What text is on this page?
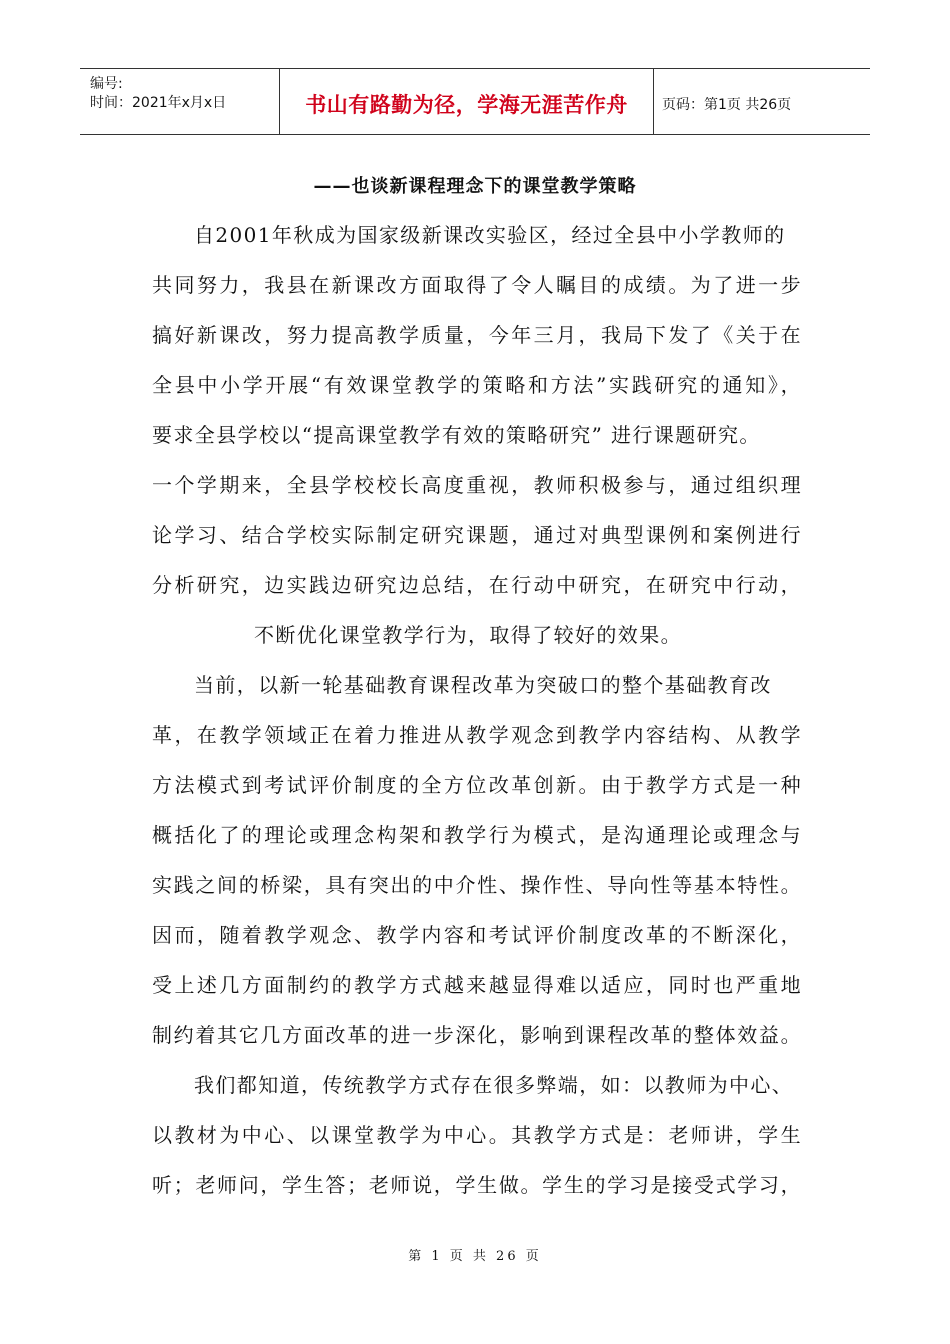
编号:
时间：2021年x月x日	书山有路勤为径，学海无涯苦作舟 页码：第1页 共26页
——也谈新课程理念下的课堂教学策略
自2001年秋成为国家级新课改实验区，经过全县中小学教师的
共同努力，我县在新课改方面取得了令人瞩目的成绩。为了进一步
搞好新课改，努力提高教学质量，今年三月，我局下发了《关于在
全县中小学开展“有效课堂教学的策略和方法”实践研究的通知》，
要求全县学校以“提高课堂教学有效的策略研究” 进行课题研究。
一个学期来，全县学校校长高度重视，教师积极参与，通过组织理
论学习、结合学校实际制定研究课题，通过对典型课例和案例进行
分析研究，边实践边研究边总结，在行动中研究，在研究中行动，
不断优化课堂教学行为，取得了较好的效果。
当前，以新一轮基础教育课程改革为突破口的整个基础教育改
革，在教学领域正在着力推进从教学观念到教学内容结构、从教学
方法模式到考试评价制度的全方位改革创新。由于教学方式是一种
概括化了的理论或理念构架和教学行为模式，是沟通理论或理念与
实践之间的桥梁，具有突出的中介性、操作性、导向性等基本特性。
因而，随着教学观念、教学内容和考试评价制度改革的不断深化，
受上述几方面制约的教学方式越来越显得难以适应，同时也严重地
制约着其它几方面改革的进一步深化，影响到课程改革的整体效益。
我们都知道，传统教学方式存在很多弊端，如：以教师为中心、
以教材为中心、以课堂教学为中心。其教学方式是：老师讲，学生
听；老师问，学生答；老师说，学生做。学生的学习是接受式学习，
第 1 页 共 26 页
